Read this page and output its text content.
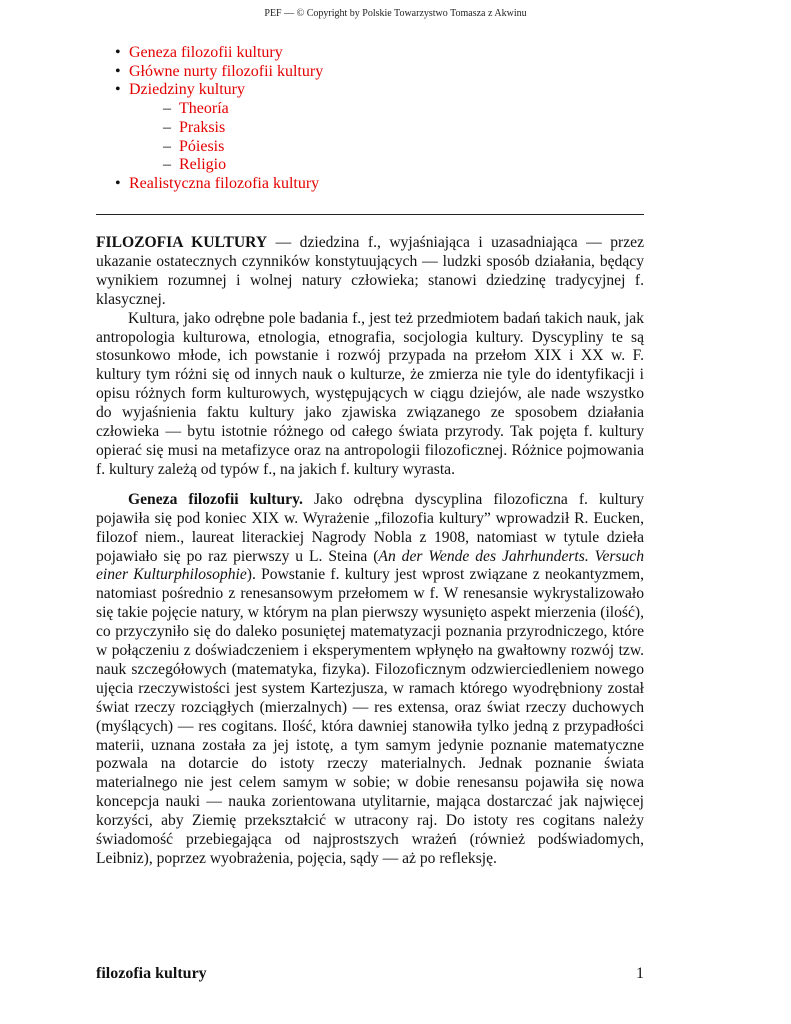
PEF — © Copyright by Polskie Towarzystwo Tomasza z Akwinu
• Geneza filozofii kultury
• Główne nurty filozofii kultury
• Dziedziny kultury
– Theoría
– Praksis
– Póiesis
– Religio
• Realistyczna filozofia kultury

FILOZOFIA KULTURY — dziedzina f., wyjaśniająca i uzasadniająca — przez ukazanie ostatecznych czynników konstytuujących — ludzki sposób działania, będący wynikiem rozumnej i wolnej natury człowieka; stanowi dziedzinę tradycyjnej f. klasycznej.

Kultura, jako odrębne pole badania f., jest też przedmiotem badań takich nauk, jak antropologia kulturowa, etnologia, etnografia, socjologia kultury. Dyscypliny te są stosunkowo młode, ich powstanie i rozwój przypada na przełom XIX i XX w. F. kultury tym różni się od innych nauk o kulturze, że zmierza nie tyle do identyfikacji i opisu różnych form kulturowych, występujących w ciągu dziejów, ale nade wszystko do wyjaśnienia faktu kultury jako zjawiska związanego ze sposobem działania człowieka — bytu istotnie różnego od całego świata przyrody. Tak pojęta f. kultury opierać się musi na metafizyce oraz na antropologii filozoficznej. Różnice pojmowania f. kultury zależą od typów f., na jakich f. kultury wyrasta.

Geneza filozofii kultury. Jako odrębna dyscyplina filozoficzna f. kultury pojawiła się pod koniec XIX w. Wyrażenie „filozofia kultury” wprowadził R. Eucken, filozof niem., laureat literackiej Nagrody Nobla z 1908, natomiast w tytule dzieła pojawiało się po raz pierwszy u L. Steina (An der Wende des Jahrhunderts. Versuch einer Kulturphilosophie). Powstanie f. kultury jest wprost związane z neokantyzmem, natomiast pośrednio z renesansowym przełomem w f. W renesansie wykrystalizowało się takie pojęcie natury, w którym na plan pierwszy wysunięto aspekt mierzenia (ilość), co przyczyniło się do daleko posuniętej matematyzacji poznania przyrodniczego, które w połączeniu z doświadczeniem i eksperymentem wpłynęło na gwałtowny rozwój tzw. nauk szczegółowych (matematyka, fizyka). Filozoficznym odzwierciedleniem nowego ujęcia rzeczywistości jest system Kartezjusza, w ramach którego wyodrębniony został świat rzeczy rozciągłych (mierzalnych) — res extensa, oraz świat rzeczy duchowych (myślących) — res cogitans. Ilość, która dawniej stanowiła tylko jedną z przypadłości materii, uznana została za jej istotę, a tym samym jedynie poznanie matematyczne pozwala na dotarcie do istoty rzeczy materialnych. Jednak poznanie świata materialnego nie jest celem samym w sobie; w dobie renesansu pojawiła się nowa koncepcja nauki — nauka zorientowana utylitarnie, mająca dostarczać jak najwięcej korzyści, aby Ziemię przekształcić w utracony raj. Do istoty res cogitans należy świadomość przebiegająca od najprostszych wrażeń (również podświadomych, Leibniz), poprzez wyobrażenia, pojęcia, sądy — aż po refleksję.

filozofia kultury	1
